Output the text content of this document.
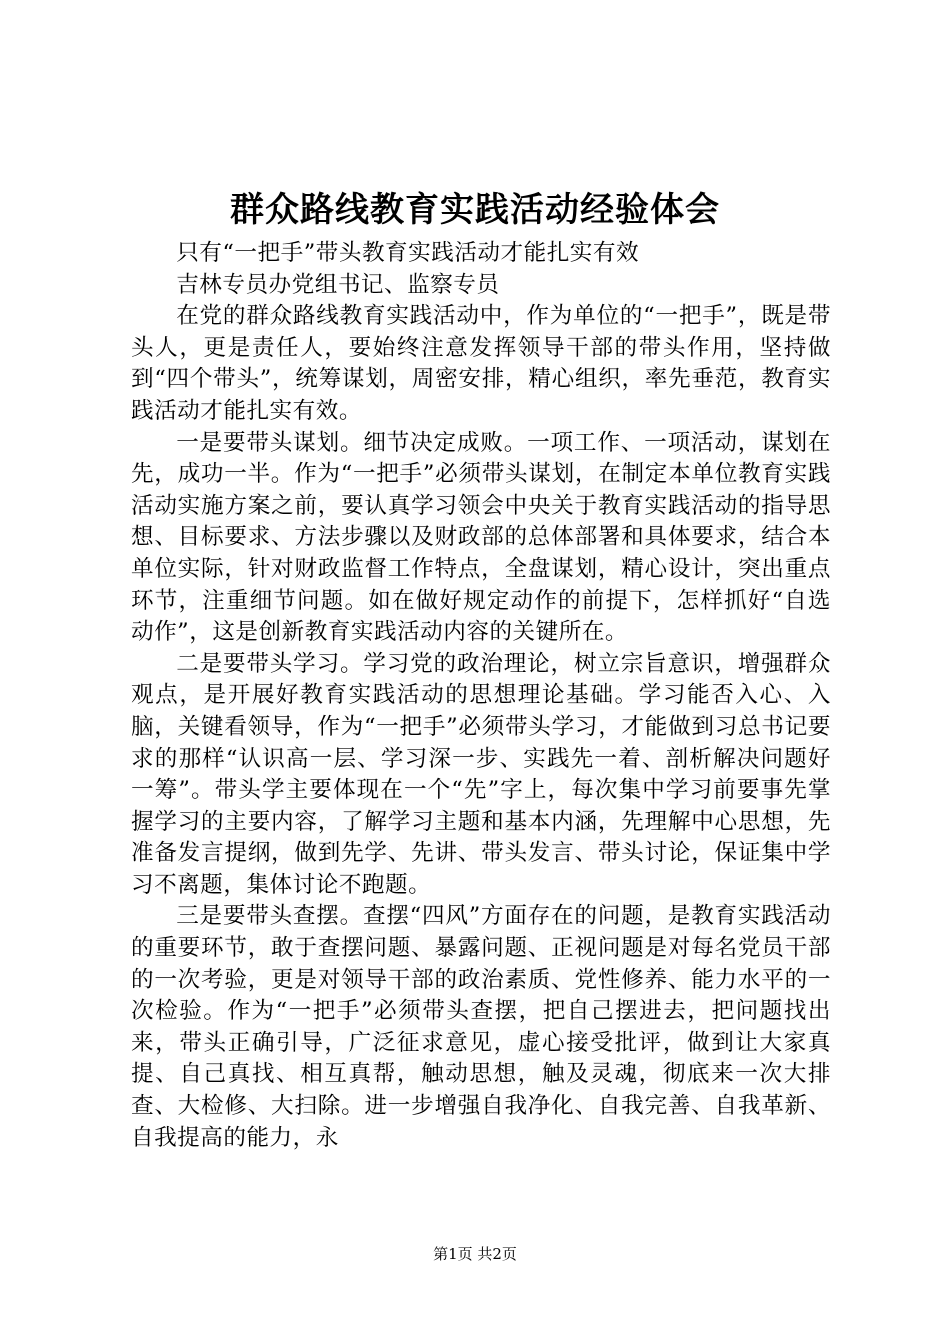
群众路线教育实践活动经验体会

只有“一把手”带头教育实践活动才能扎实有效

吉林专员办党组书记、监察专员

在党的群众路线教育实践活动中，作为单位的“一把手”，既是带头人，更是责任人，要始终注意发挥领导干部的带头作用，坚持做到“四个带头”，统筹谋划，周密安排，精心组织，率先垂范，教育实践活动才能扎实有效。

一是要带头谋划。细节决定成败。一项工作、一项活动，谋划在先，成功一半。作为“一把手”必须带头谋划，在制定本单位教育实践活动实施方案之前，要认真学习领会中央关于教育实践活动的指导思想、目标要求、方法步骤以及财政部的总体部署和具体要求，结合本单位实际，针对财政监督工作特点，全盘谋划，精心设计，突出重点环节，注重细节问题。如在做好规定动作的前提下，怎样抓好“自选动作”，这是创新教育实践活动内容的关键所在。

二是要带头学习。学习党的政治理论，树立宗旨意识，增强群众观点，是开展好教育实践活动的思想理论基础。学习能否入心、入脑，关键看领导，作为“一把手”必须带头学习，才能做到习总书记要求的那样“认识高一层、学习深一步、实践先一着、剖析解决问题好一筹”。带头学主要体现在一个“先”字上，每次集中学习前要事先掌握学习的主要内容，了解学习主题和基本内涵，先理解中心思想，先准备发言提纲，做到先学、先讲、带头发言、带头讨论，保证集中学习不离题，集体讨论不跑题。

三是要带头查摆。查摆“四风”方面存在的问题，是教育实践活动的重要环节，敢于查摆问题、暴露问题、正视问题是对每名党员干部的一次考验，更是对领导干部的政治素质、党性修养、能力水平的一次检验。作为“一把手”必须带头查摆，把自己摆进去，把问题找出来，带头正确引导，广泛征求意见，虚心接受批评，做到让大家真提、自己真找、相互真帮，触动思想，触及灵魂，彻底来一次大排查、大检修、大扫除。进一步增强自我净化、自我完善、自我革新、自我提高的能力，永

第1页 共2页
